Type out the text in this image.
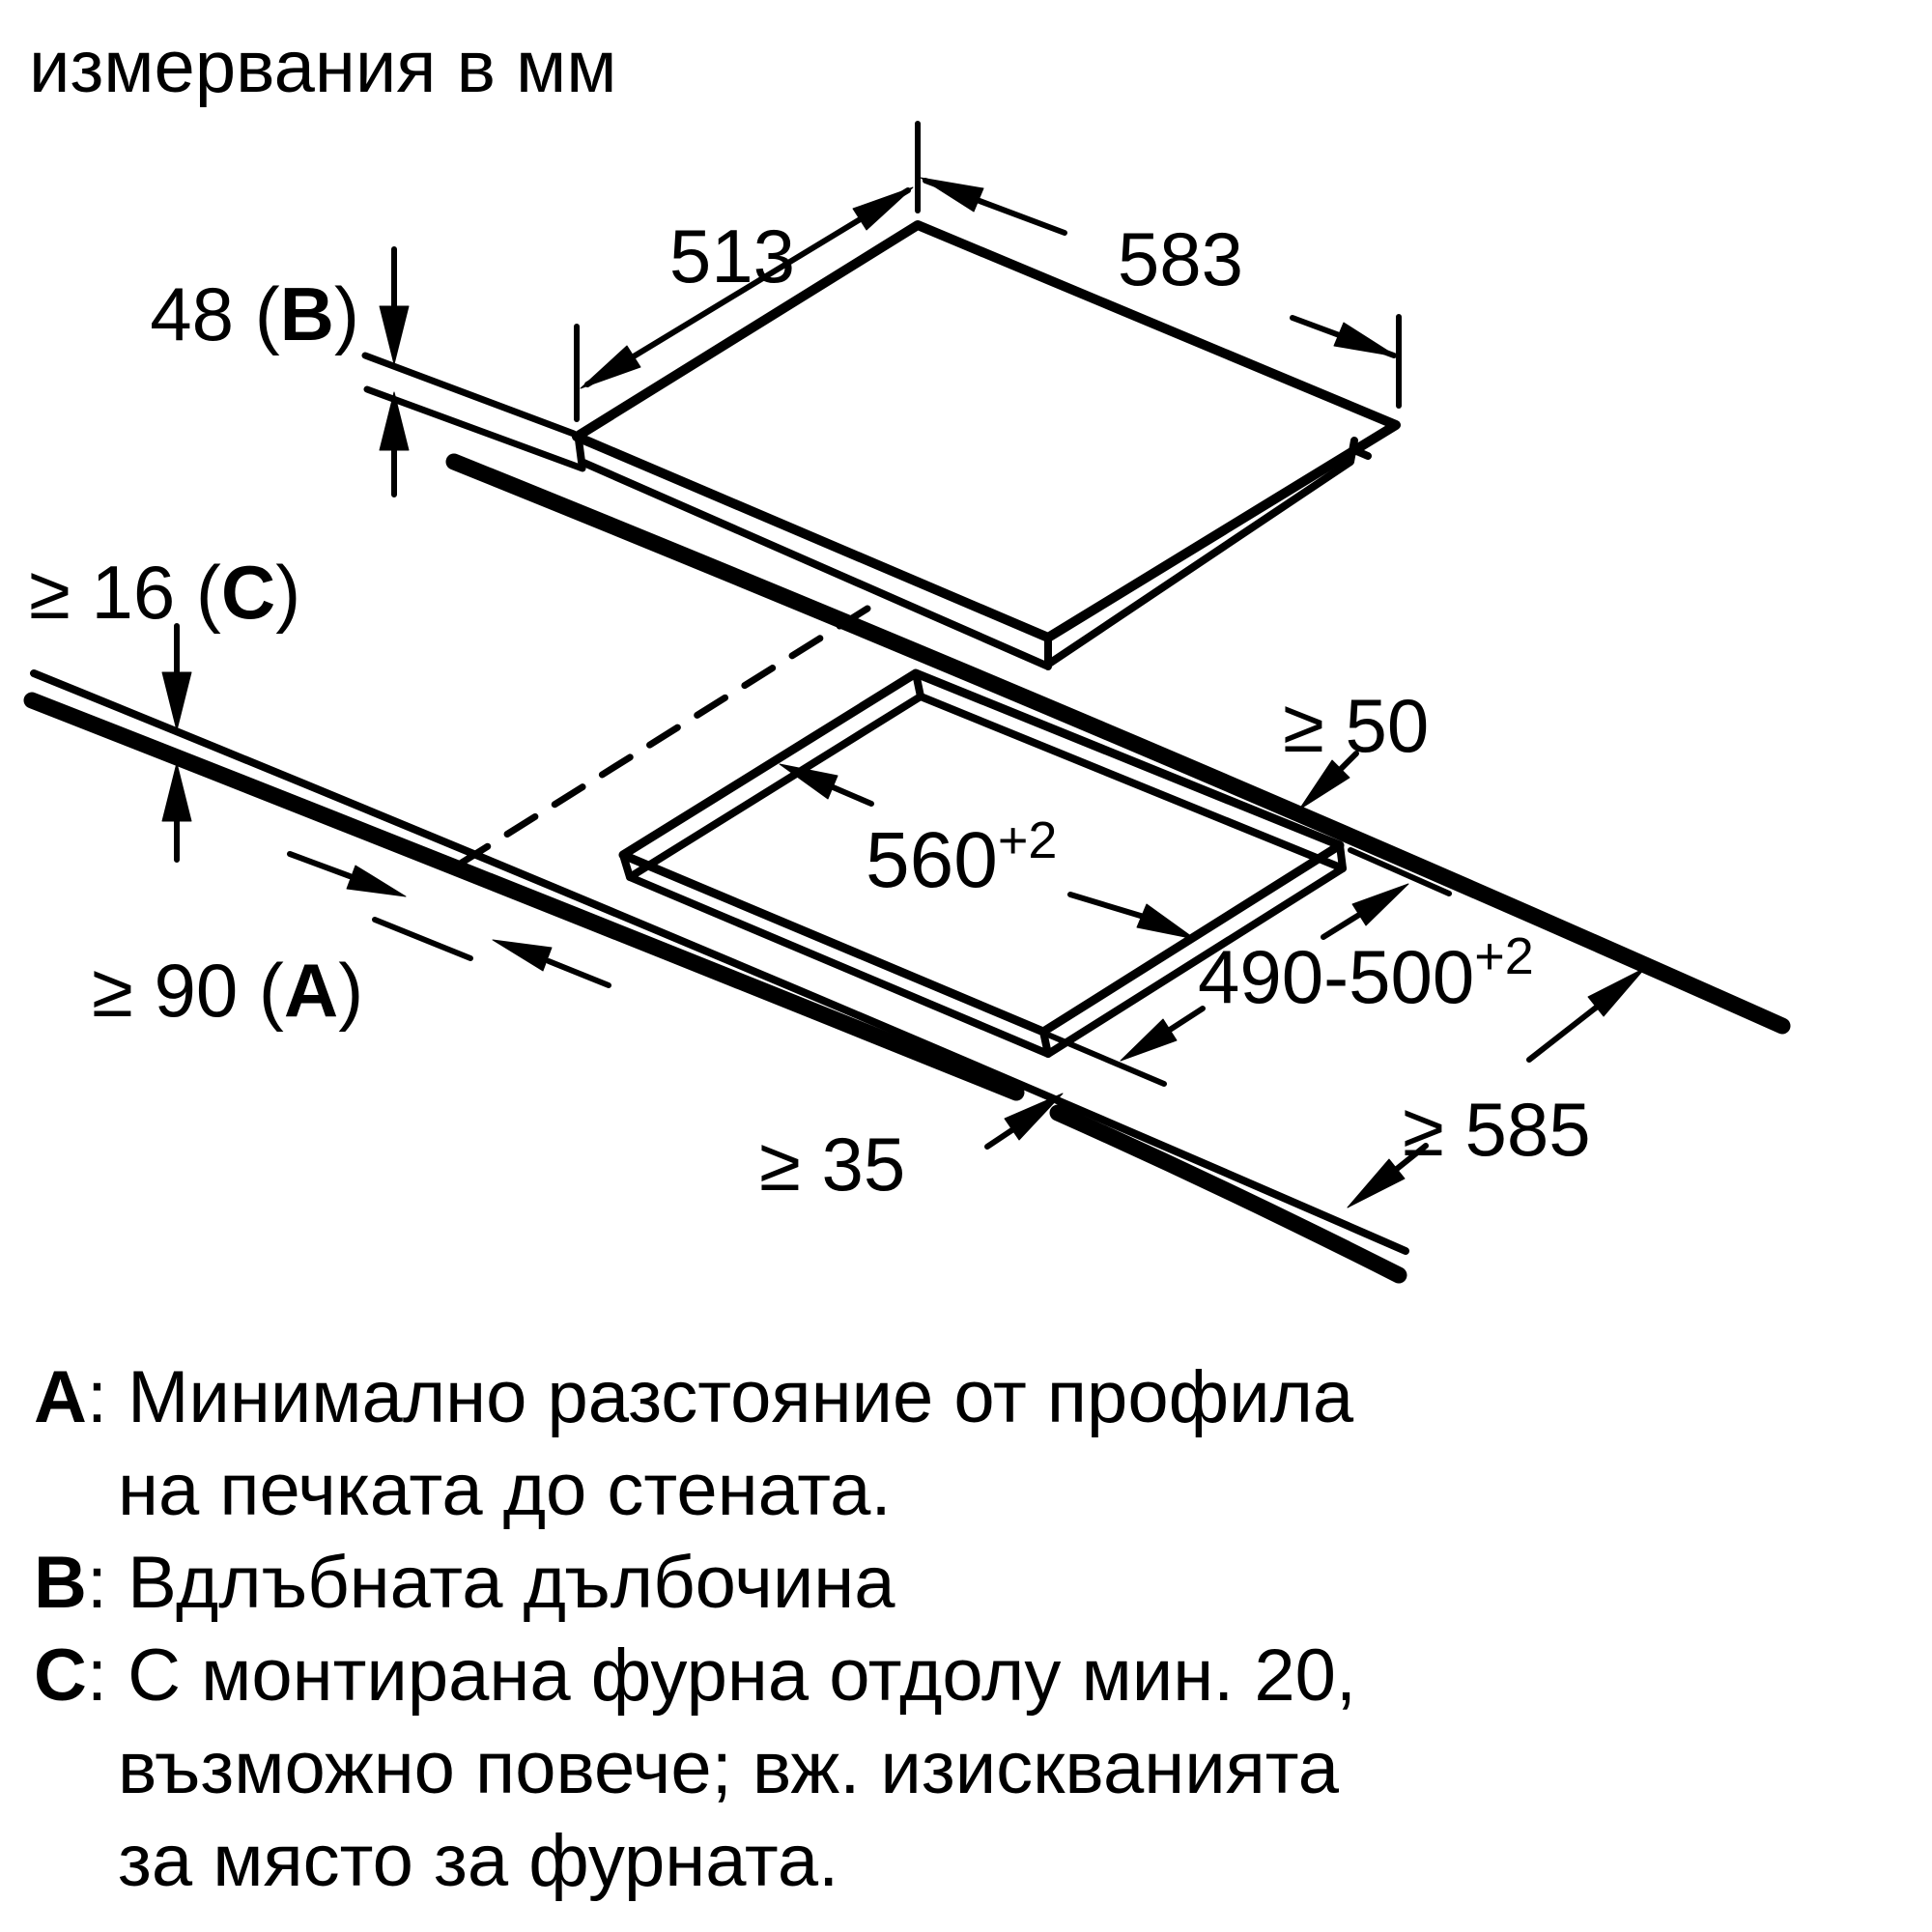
измервания в мм
513	583
48 (B)
≥ 16 (C)
≥ 90 (A)
$560^{+2}$
$490-500^{+2}$
≥ 50
≥ 35	≥ 585
A: Минимално разстояние от профила
на печката до стената.
B: Вдлъбната дълбочина
C: С монтирана фурна отдолу мин. 20,
възможно повече; вж. изискванията
за място за фурната.
